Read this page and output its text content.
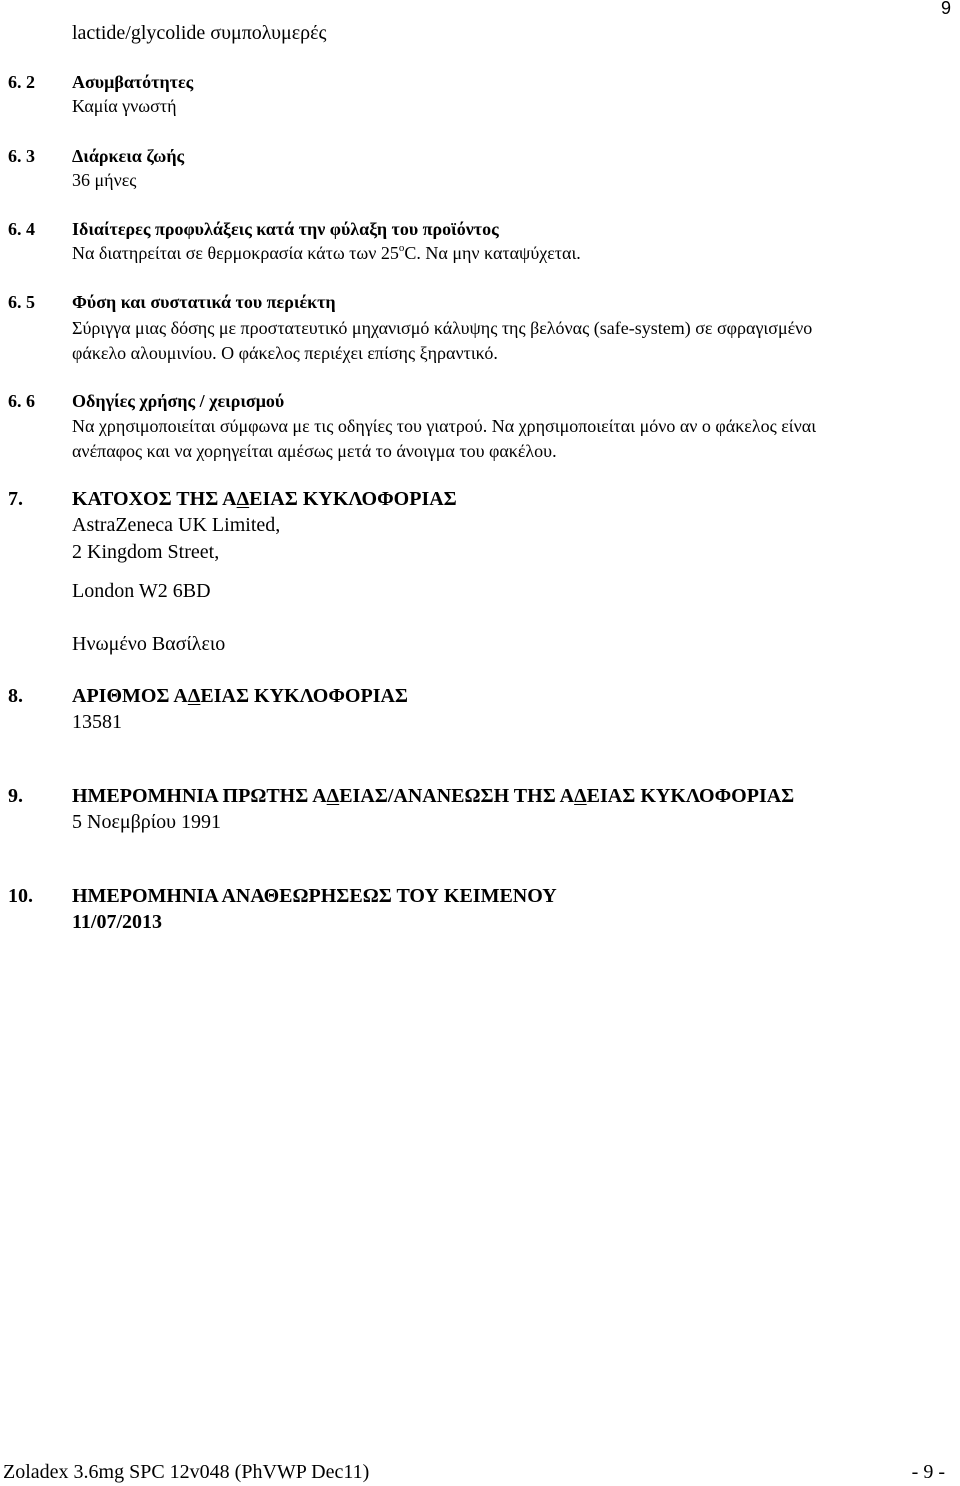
9
lactide/glycolide συμπολυμερές
6. 2 Ασυμβατότητες
Καμία γνωστή
6. 3 Διάρκεια ζωής
36 μήνες
6. 4 Ιδιαίτερες προφυλάξεις κατά την φύλαξη του προϊόντος
Να διατηρείται σε θερμοκρασία κάτω των 25$^o$C. Να μην καταψύχεται.
6. 5 Φύση και συστατικά του περιέκτη
Σύριγγα μιας δόσης με προστατευτικό μηχανισμό κάλυψης της βελόνας (safe-system) σε σφραγισμένο
φάκελο αλουμινίου. Ο φάκελος περιέχει επίσης ξηραντικό.
6. 6 Οδηγίες χρήσης / χειρισμού
Να χρησιμοποιείται σύμφωνα με τις οδηγίες του γιατρού. Να χρησιμοποιείται μόνο αν ο φάκελος είναι
ανέπαφος και να χορηγείται αμέσως μετά το άνοιγμα του φακέλου.
7. ΚΑΤΟΧΟΣ ΤΗΣ ΑΔΕΙΑΣ ΚΥΚΛΟΦΟΡΙΑΣ
AstraZeneca UK Limited,
2 Kingdom Street,
London W2 6BD
Ηνωμένο Βασίλειο
8. ΑΡΙΘΜΟΣ ΑΔΕΙΑΣ ΚΥΚΛΟΦΟΡΙΑΣ
13581
9. ΗΜΕΡΟΜΗΝΙΑ ΠΡΩΤΗΣ ΑΔΕΙΑΣ/ΑΝΑΝΕΩΣΗ ΤΗΣ ΑΔΕΙΑΣ ΚΥΚΛΟΦΟΡΙΑΣ
5 Νοεμβρίου 1991
10. ΗΜΕΡΟΜΗΝΙΑ ΑΝΑΘΕΩΡΗΣΕΩΣ ΤΟΥ ΚΕΙΜΕΝΟΥ
11/07/2013
Zoladex 3.6mg SPC 12v048 (PhVWP Dec11)	- 9 -
